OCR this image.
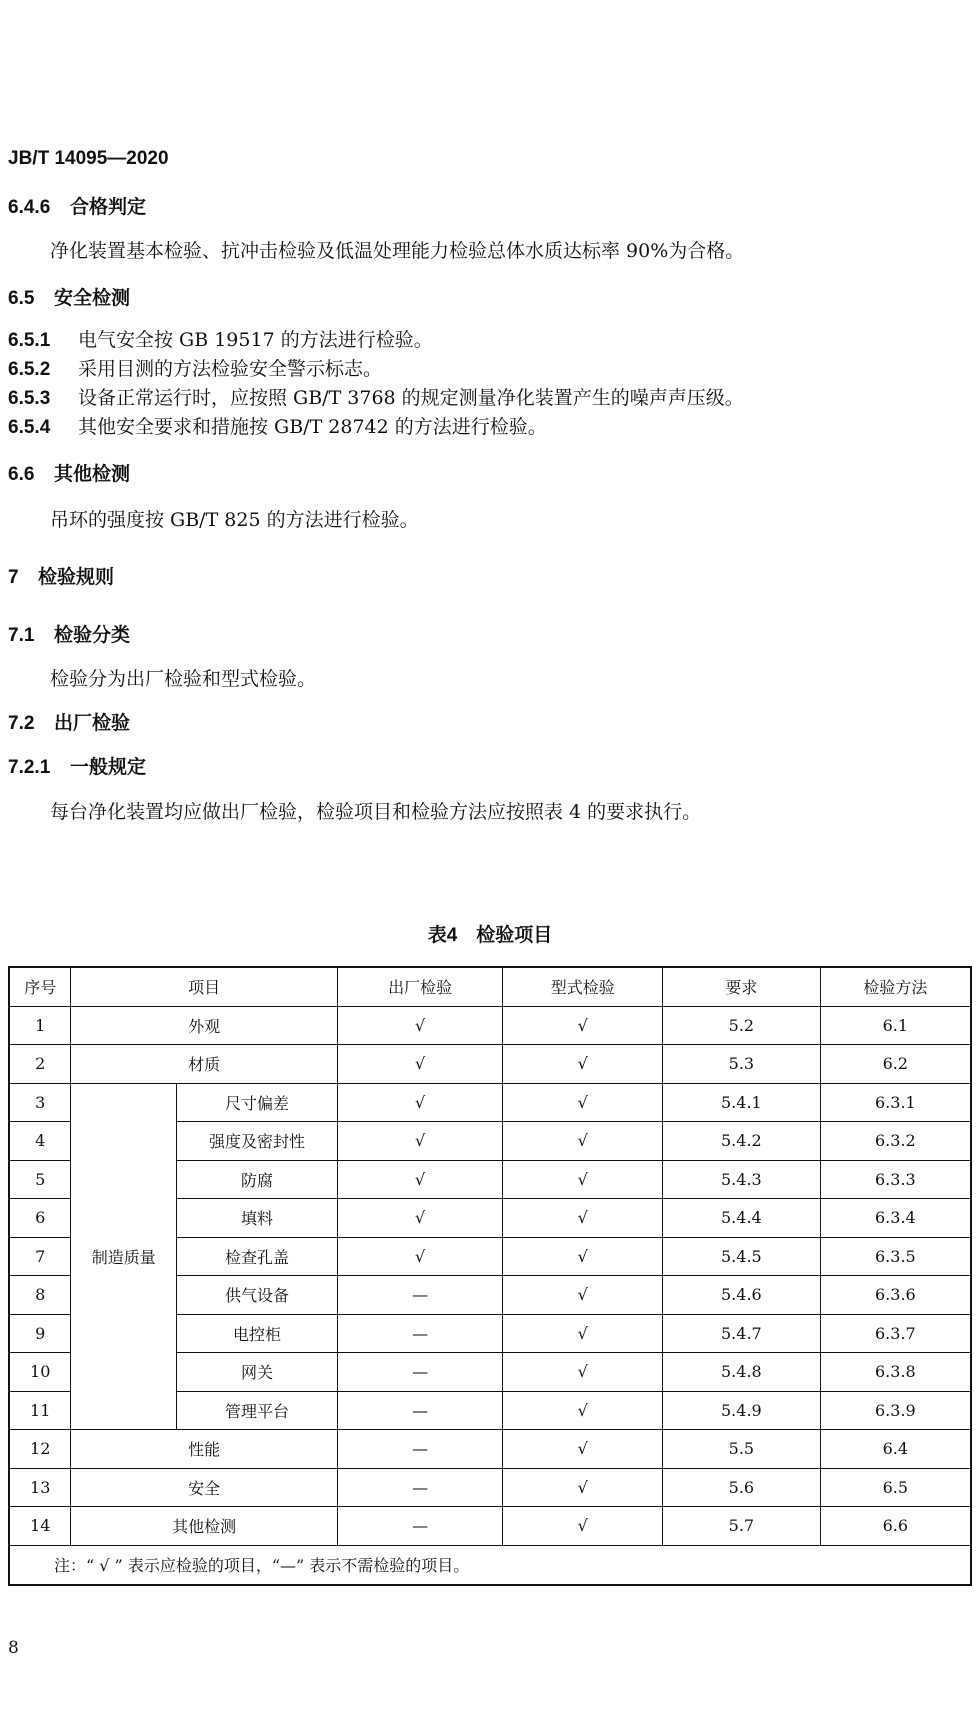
JB/T 14095—2020
6.4.6 合格判定
净化装置基本检验、抗冲击检验及低温处理能力检验总体水质达标率 90%为合格。
6.5 安全检测
6.5.1 电气安全按 GB 19517 的方法进行检验。
6.5.2 采用目测的方法检验安全警示标志。
6.5.3 设备正常运行时，应按照 GB/T 3768 的规定测量净化装置产生的噪声声压级。
6.5.4 其他安全要求和措施按 GB/T 28742 的方法进行检验。
6.6 其他检测
吊环的强度按 GB/T 825 的方法进行检验。
7 检验规则
7.1 检验分类
检验分为出厂检验和型式检验。
7.2 出厂检验
7.2.1 一般规定
每台净化装置均应做出厂检验，检验项目和检验方法应按照表 4 的要求执行。
表4　检验项目
序号	项目		出厂检验	型式检验	要求	检验方法
1	外观		√	√	5.2	6.1
2	材质		√	√	5.3	6.2
3	制造质量	尺寸偏差	√	√	5.4.1	6.3.1
4		强度及密封性	√	√	5.4.2	6.3.2
5		防腐	√	√	5.4.3	6.3.3
6		填料	√	√	5.4.4	6.3.4
7		检查孔盖	√	√	5.4.5	6.3.5
8		供气设备	—	√	5.4.6	6.3.6
9		电控柜	—	√	5.4.7	6.3.7
10		网关	—	√	5.4.8	6.3.8
11		管理平台	—	√	5.4.9	6.3.9
12	性能		—	√	5.5	6.4
13	安全		—	√	5.6	6.5
14	其他检测		—	√	5.7	6.6
注：“ √ ” 表示应检验的项目，“—” 表示不需检验的项目。						
8
